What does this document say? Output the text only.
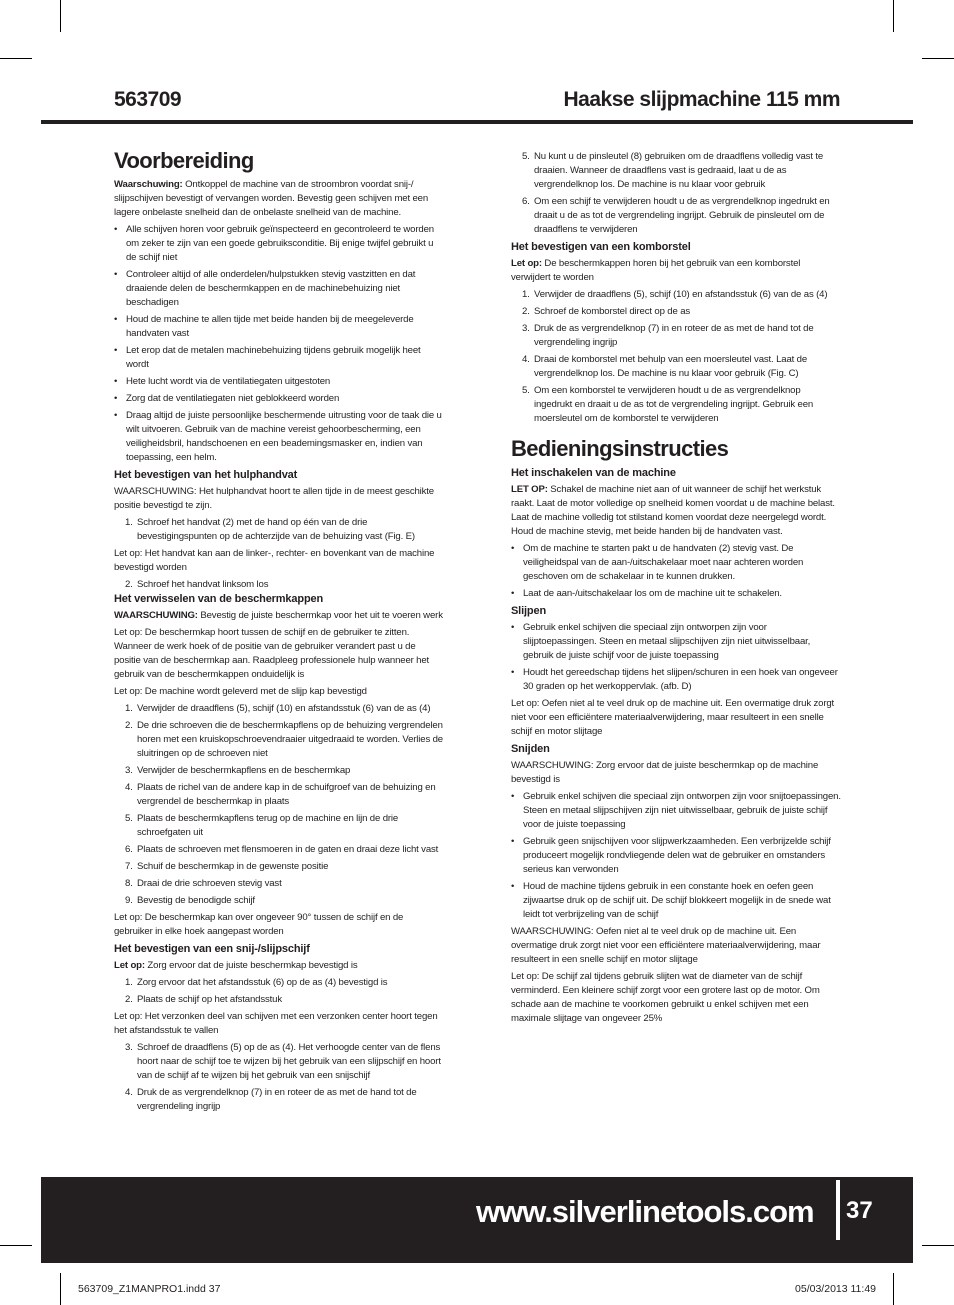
563709	Haakse slijpmachine 115 mm
Voorbereiding
Waarschuwing: Ontkoppel de machine van de stroombron voordat snij-/ slijpschijven bevestigt of vervangen worden. Bevestig geen schijven met een lagere onbelaste snelheid dan de onbelaste snelheid van de machine.
• Alle schijven horen voor gebruik geïnspecteerd en gecontroleerd te worden om zeker te zijn van een goede gebruiksconditie. Bij enige twijfel gebruikt u de schijf niet
• Controleer altijd of alle onderdelen/hulpstukken stevig vastzitten en dat draaiende delen de beschermkappen en de machinebehuizing niet beschadigen
• Houd de machine te allen tijde met beide handen bij de meegeleverde handvaten vast
• Let erop dat de metalen machinebehuizing tijdens gebruik mogelijk heet wordt
• Hete lucht wordt via de ventilatiegaten uitgestoten
• Zorg dat de ventilatiegaten niet geblokkeerd worden
• Draag altijd de juiste persoonlijke beschermende uitrusting voor de taak die u wilt uitvoeren. Gebruik van de machine vereist gehoorbescherming, een veiligheidsbril, handschoenen en een beademingsmasker en, indien van toepassing, een helm.
Het bevestigen van het hulphandvat
WAARSCHUWING: Het hulphandvat hoort te allen tijde in de meest geschikte positie bevestigd te zijn.
1. Schroef het handvat (2) met de hand op één van de drie bevestigingspunten op de achterzijde van de behuizing vast (Fig. E)
Let op: Het handvat kan aan de linker-, rechter- en bovenkant van de machine bevestigd worden
2. Schroef het handvat linksom los
Het verwisselen van de beschermkappen
WAARSCHUWING: Bevestig de juiste beschermkap voor het uit te voeren werk
Let op: De beschermkap hoort tussen de schijf en de gebruiker te zitten. Wanneer de werk hoek of de positie van de gebruiker verandert past u de positie van de beschermkap aan. Raadpleeg professionele hulp wanneer het gebruik van de beschermkappen onduidelijk is
Let op: De machine wordt geleverd met de slijp kap bevestigd
1. Verwijder de draadflens (5), schijf (10) en afstandsstuk (6) van de as (4)
2. De drie schroeven die de beschermkapflens op de behuizing vergrendelen horen met een kruiskopschroevendraaier uitgedraaid te worden. Verlies de sluitringen op de schroeven niet
3. Verwijder de beschermkapflens en de beschermkap
4. Plaats de richel van de andere kap in de schuifgroef van de behuizing en vergrendel de beschermkap in plaats
5. Plaats de beschermkapflens terug op de machine en lijn de drie schroefgaten uit
6. Plaats de schroeven met flensmoeren in de gaten en draai deze licht vast
7. Schuif de beschermkap in de gewenste positie
8. Draai de drie schroeven stevig vast
9. Bevestig de benodigde schijf
Let op: De beschermkap kan over ongeveer 90° tussen de schijf en de gebruiker in elke hoek aangepast worden
Het bevestigen van een snij-/slijpschijf
Let op: Zorg ervoor dat de juiste beschermkap bevestigd is
1. Zorg ervoor dat het afstandsstuk (6) op de as (4) bevestigd is
2. Plaats de schijf op het afstandsstuk
Let op: Het verzonken deel van schijven met een verzonken center hoort tegen het afstandsstuk te vallen
3. Schroef de draadflens (5) op de as (4). Het verhoogde center van de flens hoort naar de schijf toe te wijzen bij het gebruik van een slijpschijf en hoort van de schijf af te wijzen bij het gebruik van een snijschijf
4. Druk de as vergrendelknop (7) in en roteer de as met de hand tot de vergrendeling ingrijp
5. Nu kunt u de pinsleutel (8) gebruiken om de draadflens volledig vast te draaien. Wanneer de draadflens vast is gedraaid, laat u de as vergrendelknop los. De machine is nu klaar voor gebruik
6. Om een schijf te verwijderen houdt u de as vergrendelknop ingedrukt en draait u de as tot de vergrendeling ingrijpt. Gebruik de pinsleutel om de draadflens te verwijderen
Het bevestigen van een komborstel
Let op: De beschermkappen horen bij het gebruik van een komborstel verwijdert te worden
1. Verwijder de draadflens (5), schijf (10) en afstandsstuk (6) van de as (4)
2. Schroef de komborstel direct op de as
3. Druk de as vergrendelknop (7) in en roteer de as met de hand tot de vergrendeling ingrijp
4. Draai de komborstel met behulp van een moersleutel vast. Laat de vergrendelknop los. De machine is nu klaar voor gebruik (Fig. C)
5. Om een komborstel te verwijderen houdt u de as vergrendelknop ingedrukt en draait u de as tot de vergrendeling ingrijpt. Gebruik een moersleutel om de komborstel te verwijderen
Bedieningsinstructies
Het inschakelen van de machine
LET OP: Schakel de machine niet aan of uit wanneer de schijf het werkstuk raakt. Laat de motor volledige op snelheid komen voordat u de machine belast. Laat de machine volledig tot stilstand komen voordat deze neergelegd wordt. Houd de machine stevig, met beide handen bij de handvaten vast.
• Om de machine te starten pakt u de handvaten (2) stevig vast. De veiligheidspal van de aan-/uitschakelaar moet naar achteren worden geschoven om de schakelaar in te kunnen drukken.
• Laat de aan-/uitschakelaar los om de machine uit te schakelen.
Slijpen
• Gebruik enkel schijven die speciaal zijn ontworpen zijn voor slijptoepassingen. Steen en metaal slijpschijven zijn niet uitwisselbaar, gebruik de juiste schijf voor de juiste toepassing
• Houdt het gereedschap tijdens het slijpen/schuren in een hoek van ongeveer 30 graden op het werkoppervlak. (afb. D)
Let op: Oefen niet al te veel druk op de machine uit. Een overmatige druk zorgt niet voor een efficiëntere materiaalverwijdering, maar resulteert in een snelle schijf en motor slijtage
Snijden
WAARSCHUWING: Zorg ervoor dat de juiste beschermkap op de machine bevestigd is
• Gebruik enkel schijven die speciaal zijn ontworpen zijn voor snijtoepassingen. Steen en metaal slijpschijven zijn niet uitwisselbaar, gebruik de juiste schijf voor de juiste toepassing
• Gebruik geen snijschijven voor slijpwerkzaamheden. Een verbrijzelde schijf produceert mogelijk rondvliegende delen wat de gebruiker en omstanders serieus kan verwonden
• Houd de machine tijdens gebruik in een constante hoek en oefen geen zijwaartse druk op de schijf uit. De schijf blokkeert mogelijk in de snede wat leidt tot verbrijzeling van de schijf
WAARSCHUWING: Oefen niet al te veel druk op de machine uit. Een overmatige druk zorgt niet voor een efficiëntere materiaalverwijdering, maar resulteert in een snelle schijf en motor slijtage
Let op: De schijf zal tijdens gebruik slijten wat de diameter van de schijf verminderd. Een kleinere schijf zorgt voor een grotere last op de motor. Om schade aan de machine te voorkomen gebruikt u enkel schijven met een maximale slijtage van ongeveer 25%
www.silverlinetools.com 37
563709_Z1MANPRO1.indd 37	05/03/2013 11:49
